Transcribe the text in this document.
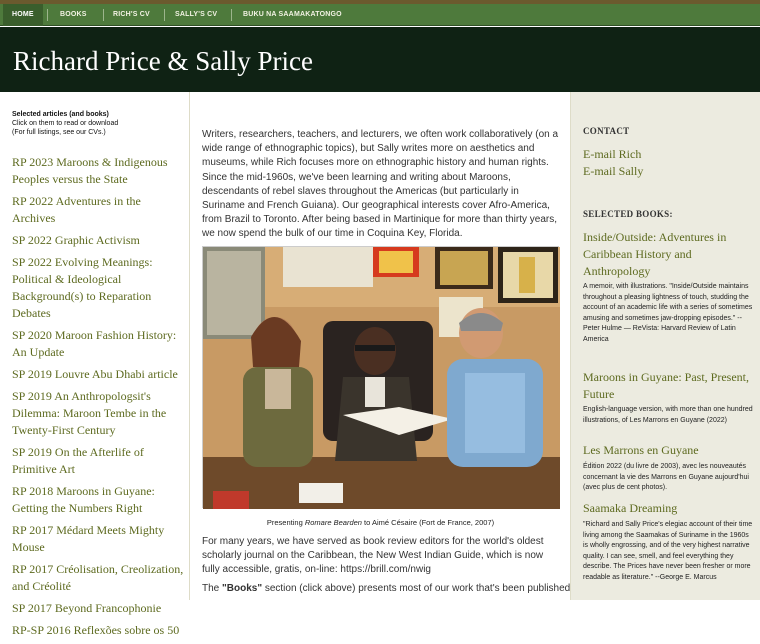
HOME	BOOKS	RICH'S CV	SALLY'S CV	BUKU NA SAAMAKATONGO
Richard Price & Sally Price
Selected articles (and books)
Click on them to read or download
(For full listings, see our CVs.)
RP 2023 Maroons & Indigenous Peoples versus the State
RP 2022 Adventures in the Archives
SP 2022 Graphic Activism
SP 2022 Evolving Meanings: Political & Ideological Background(s) to Reparation Debates
SP 2020 Maroon Fashion History: An Update
SP 2019 Louvre Abu Dhabi article
SP 2019 An Anthropologsit's Dilemma: Maroon Tembe in the Twenty-First Century
SP 2019 On the Afterlife of Primitive Art
RP 2018 Maroons in Guyane: Getting the Numbers Right
RP 2017 Médard Meets Mighty Mouse
RP 2017 Créolisation, Creolization, and Créolité
SP 2017 Beyond Francophonie
RP-SP 2016 Reflexões sobre os 50

Writers, researchers, teachers, and lecturers, we often work collaboratively (on a wide range of ethnographic topics), but Sally writes more on aesthetics and museums, while Rich focuses more on ethnographic history and human rights. Since the mid-1960s, we've been learning and writing about Maroons, descendants of rebel slaves throughout the Americas (but particularly in Suriname and French Guiana). Our geographical interests cover Afro-America, from Brazil to Toronto. After being based in Martinique for more than thirty years, we now spend the bulk of our time in Coquina Key, Florida.

Presenting Romare Bearden to Aimé Césaire (Fort de France, 2007)

For many years, we have served as book review editors for the world's oldest scholarly journal on the Caribbean, the New West Indian Guide, which is now fully accessible, gratis, on-line: https://brill.com/nwig

The "Books" section (click above) presents most of our work that's been published

CONTACT
E-mail Rich
E-mail Sally
SELECTED BOOKS:
Inside/Outside: Adventures in Caribbean History and Anthropology
A memoir, with illustrations. "Inside/Outside maintains throughout a pleasing lightness of touch, studding the account of an academic life with a series of sometimes amusing and sometimes jaw-dropping episodes." -- Peter Hulme — ReVista: Harvard Review of Latin America
Maroons in Guyane: Past, Present, Future
English-language version, with more than one hundred illustrations, of Les Marrons en Guyane (2022)
Les Marrons en Guyane
Édition 2022 (du livre de 2003), avec les nouveautés concernant la vie des Marrons en Guyane aujourd'hui (avec plus de cent photos).
Saamaka Dreaming
"Richard and Sally Price's elegiac account of their time living among the Saamakas of Suriname in the 1960s is wholly engrossing, and of the very highest narrative quality. I can see, smell, and feel everything they describe. The Prices have never been fresher or more readable as literature." --George E. Marcus
